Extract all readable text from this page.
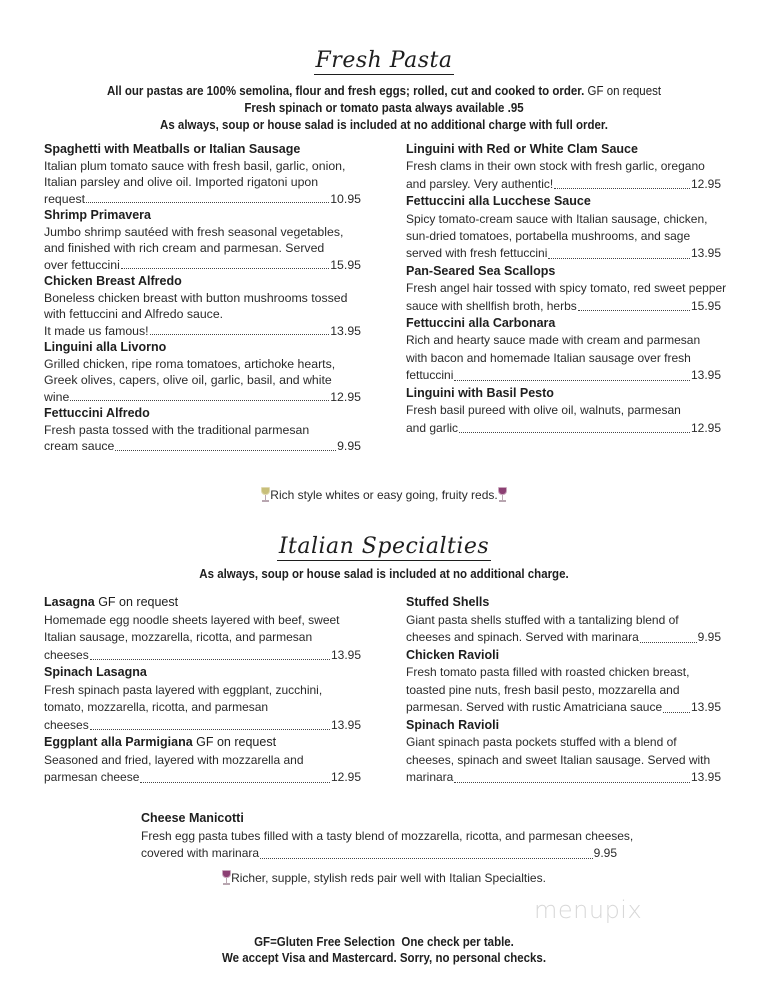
Fresh Pasta
All our pastas are 100% semolina, flour and fresh eggs; rolled, cut and cooked to order. GF on request
Fresh spinach or tomato pasta always available .95
As always, soup or house salad is included at no additional charge with full order.
Spaghetti with Meatballs or Italian Sausage
Italian plum tomato sauce with fresh basil, garlic, onion,
Italian parsley and olive oil. Imported rigatoni upon
request	10.95
Shrimp Primavera
Jumbo shrimp sautéed with fresh seasonal vegetables,
and finished with rich cream and parmesan. Served
over fettuccini	15.95
Chicken Breast Alfredo
Boneless chicken breast with button mushrooms tossed
with fettuccini and Alfredo sauce.
It made us famous!	13.95
Linguini alla Livorno
Grilled chicken, ripe roma tomatoes, artichoke hearts,
Greek olives, capers, olive oil, garlic, basil, and white
wine	12.95
Fettuccini Alfredo
Fresh pasta tossed with the traditional parmesan
cream sauce	9.95
Linguini with Red or White Clam Sauce
Fresh clams in their own stock with fresh garlic, oregano
and parsley. Very authentic!	12.95
Fettuccini alla Lucchese Sauce
Spicy tomato-cream sauce with Italian sausage, chicken,
sun-dried tomatoes, portabella mushrooms, and sage
served with fresh fettuccini	13.95
Pan-Seared Sea Scallops
Fresh angel hair tossed with spicy tomato, red sweet pepper
sauce with shellfish broth, herbs	15.95
Fettuccini alla Carbonara
Rich and hearty sauce made with cream and parmesan
with bacon and homemade Italian sausage over fresh
fettuccini	13.95
Linguini with Basil Pesto
Fresh basil pureed with olive oil, walnuts, parmesan
and garlic	12.95
Rich style whites or easy going, fruity reds.
Italian Specialties
As always, soup or house salad is included at no additional charge.
Lasagna GF on request
Homemade egg noodle sheets layered with beef, sweet
Italian sausage, mozzarella, ricotta, and parmesan
cheeses	13.95
Spinach Lasagna
Fresh spinach pasta layered with eggplant, zucchini,
tomato, mozzarella, ricotta, and parmesan
cheeses	13.95
Eggplant alla Parmigiana GF on request
Seasoned and fried, layered with mozzarella and
parmesan cheese	12.95
Stuffed Shells
Giant pasta shells stuffed with a tantalizing blend of
cheeses and spinach. Served with marinara	9.95
Chicken Ravioli
Fresh tomato pasta filled with roasted chicken breast,
toasted pine nuts, fresh basil pesto, mozzarella and
parmesan. Served with rustic Amatriciana sauce 13.95
Spinach Ravioli
Giant spinach pasta pockets stuffed with a blend of
cheeses, spinach and sweet Italian sausage. Served with
marinara	13.95
Cheese Manicotti
Fresh egg pasta tubes filled with a tasty blend of mozzarella, ricotta, and parmesan cheeses,
covered with marinara	9.95
Richer, supple, stylish reds pair well with Italian Specialties.
menupix
GF=Gluten Free Selection  One check per table.
We accept Visa and Mastercard. Sorry, no personal checks.
